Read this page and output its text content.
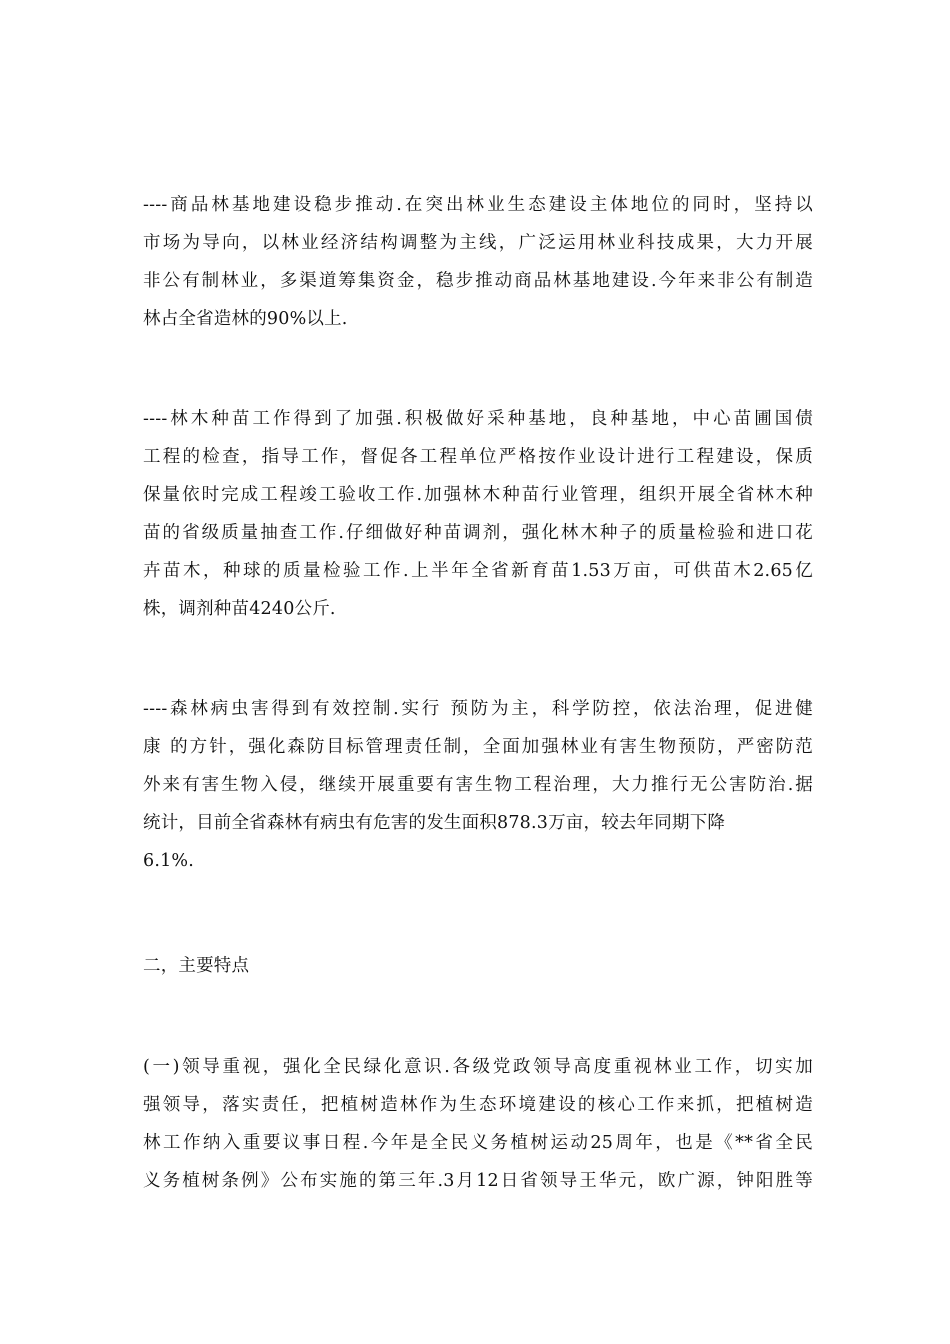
----商品林基地建设稳步推动.在突出林业生态建设主体地位的同时，坚持以

市场为导向，以林业经济结构调整为主线，广泛运用林业科技成果，大力开展

非公有制林业，多渠道筹集资金，稳步推动商品林基地建设.今年来非公有制造

林占全省造林的90%以上.

----林木种苗工作得到了加强.积极做好采种基地，良种基地，中心苗圃国债

工程的检查，指导工作，督促各工程单位严格按作业设计进行工程建设，保质

保量依时完成工程竣工验收工作.加强林木种苗行业管理，组织开展全省林木种

苗的省级质量抽查工作.仔细做好种苗调剂，强化林木种子的质量检验和进口花

卉苗木，种球的质量检验工作.上半年全省新育苗1.53万亩，可供苗木2.65亿

株，调剂种苗4240公斤.

----森林病虫害得到有效控制.实行 预防为主，科学防控，依法治理，促进健

康 的方针，强化森防目标管理责任制，全面加强林业有害生物预防，严密防范

外来有害生物入侵，继续开展重要有害生物工程治理，大力推行无公害防治.据

统计，目前全省森林有病虫有危害的发生面积878.3万亩，较去年同期下降

6.1%.

二，主要特点

(一)领导重视，强化全民绿化意识.各级党政领导高度重视林业工作，切实加

强领导，落实责任，把植树造林作为生态环境建设的核心工作来抓，把植树造

林工作纳入重要议事日程.今年是全民义务植树运动25周年，也是《**省全民

义务植树条例》公布实施的第三年.3月12日省领导王华元，欧广源，钟阳胜等
